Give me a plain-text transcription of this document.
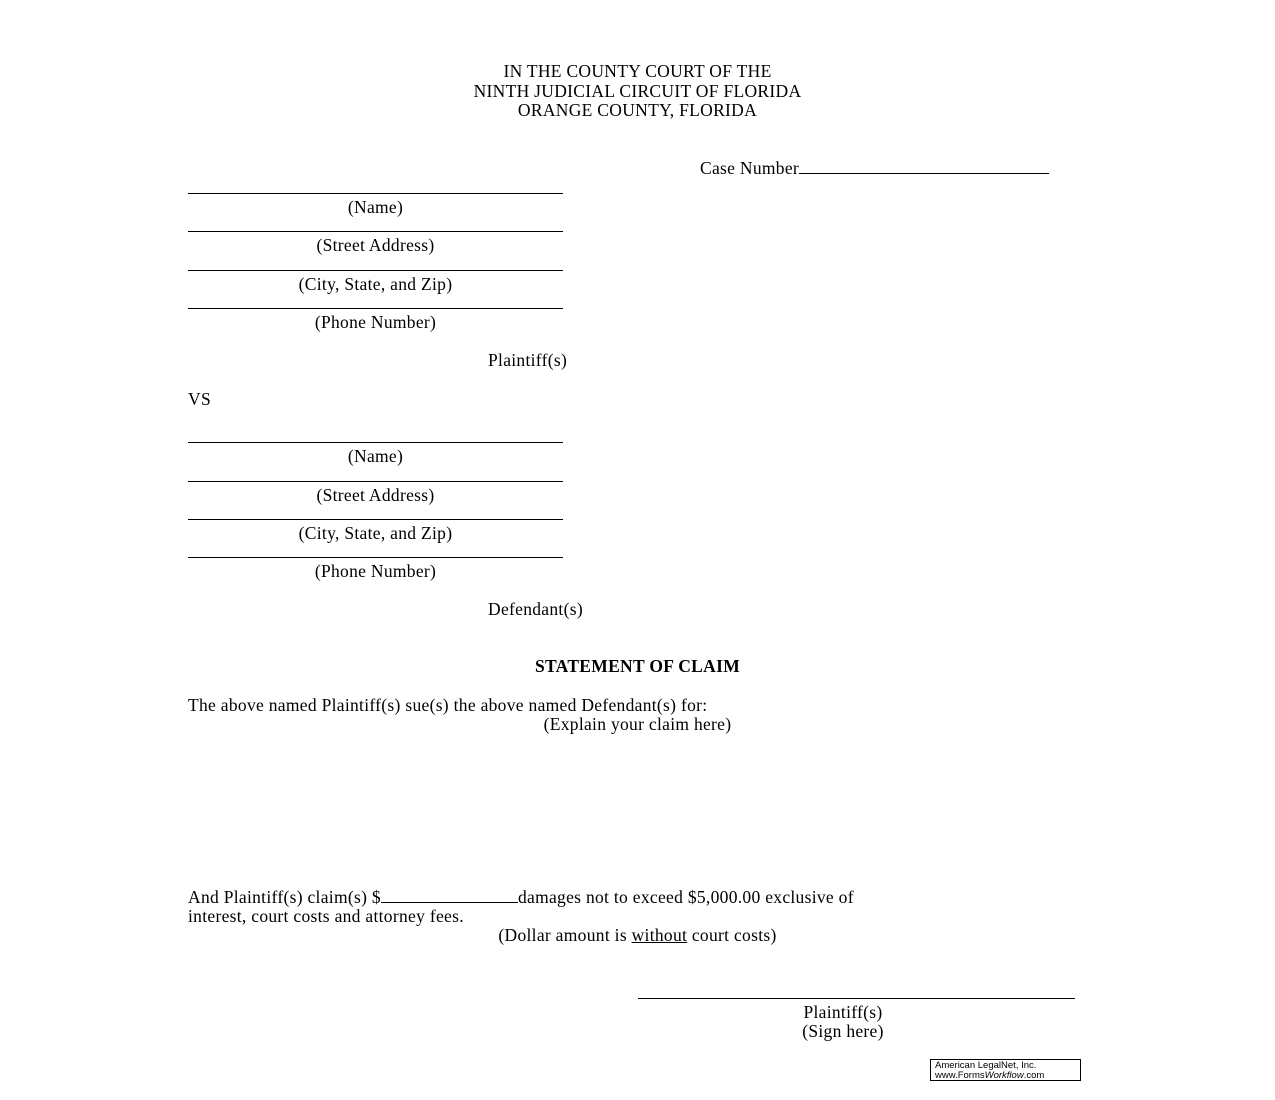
IN THE COUNTY COURT OF THE
NINTH JUDICIAL CIRCUIT OF FLORIDA
ORANGE COUNTY, FLORIDA
Case Number
(Name)
(Street Address)
(City, State, and Zip)
(Phone Number)
Plaintiff(s)
VS
(Name)
(Street Address)
(City, State, and Zip)
(Phone Number)
Defendant(s)
STATEMENT OF CLAIM
The above named Plaintiff(s) sue(s) the above named Defendant(s) for:
(Explain your claim here)
And Plaintiff(s) claim(s) $	damages not to exceed $5,000.00 exclusive of
interest, court costs and attorney fees.
(Dollar amount is without court costs)
Plaintiff(s)
(Sign here)
American LegalNet, Inc.
www.FormsWorkflow.com
